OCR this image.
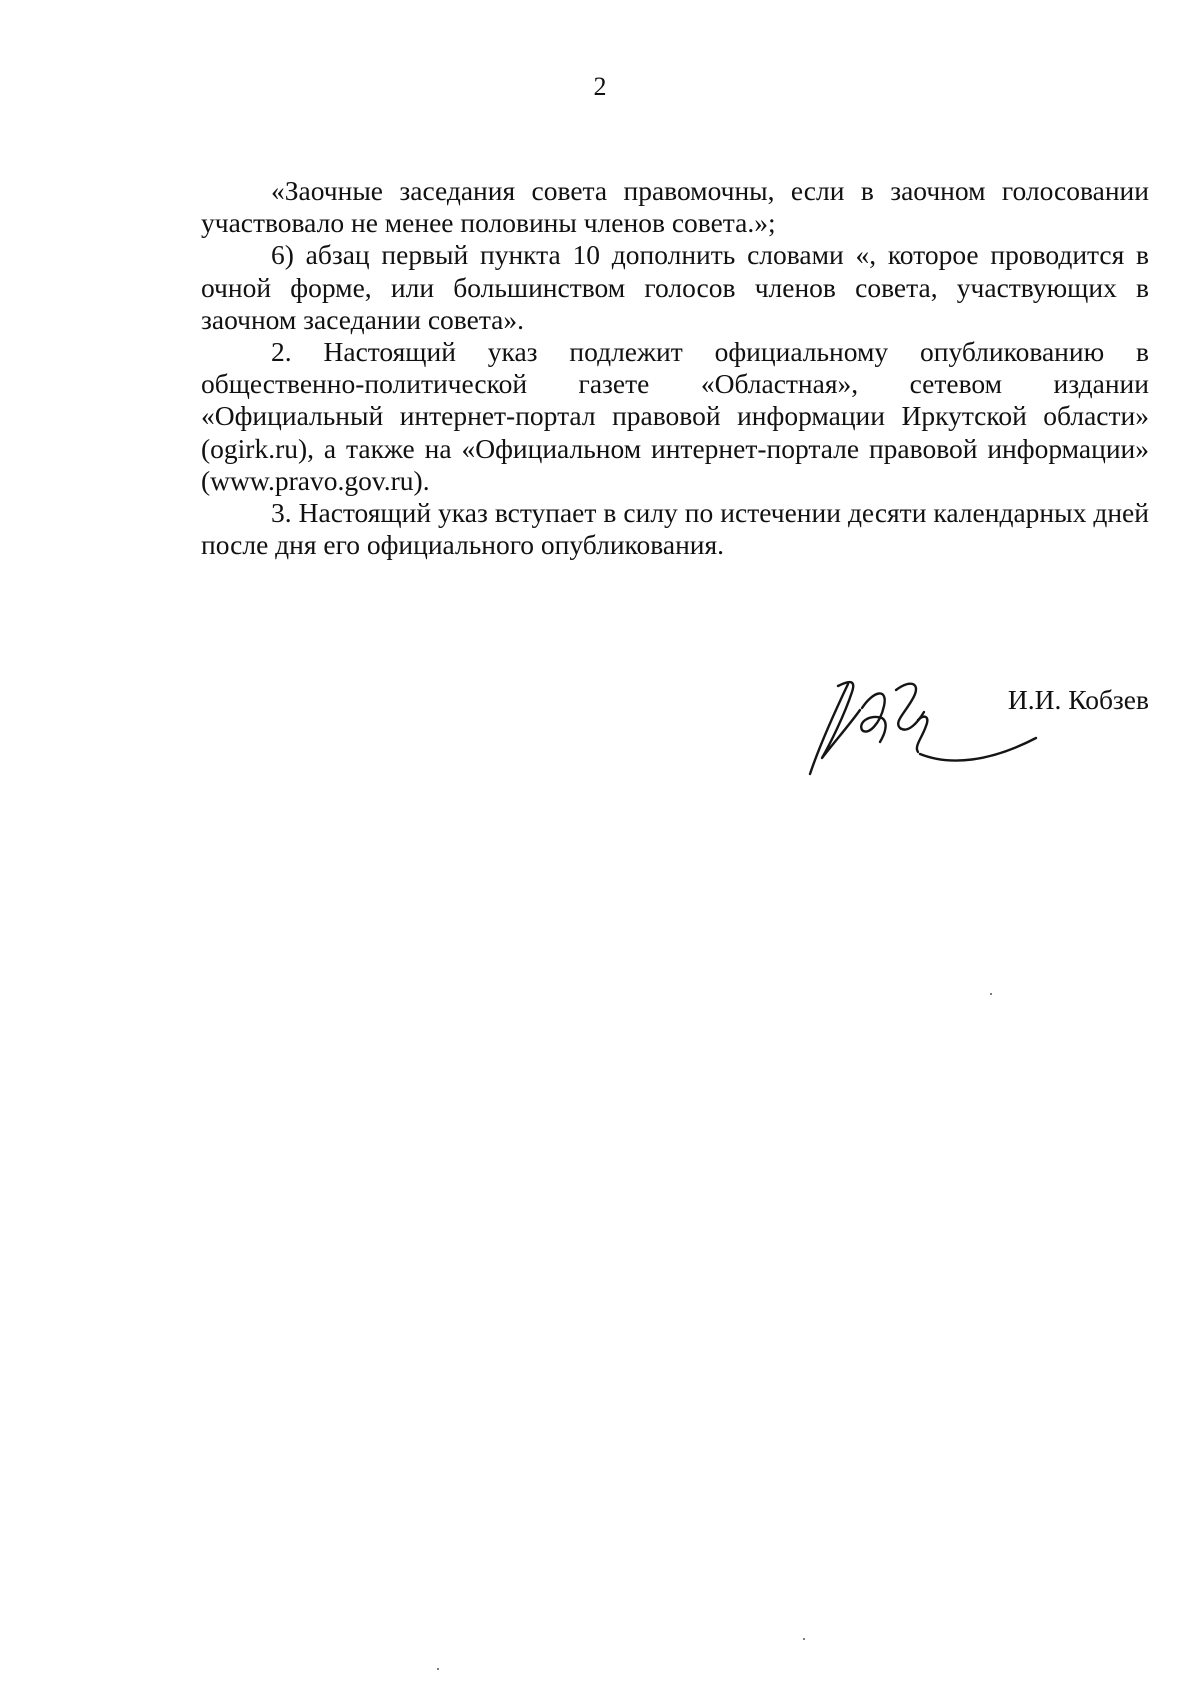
2

«Заочные заседания совета правомочны, если в заочном голосовании участвовало не менее половины членов совета.»;

6) абзац первый пункта 10 дополнить словами «, которое проводится в очной форме, или большинством голосов членов совета, участвующих в заочном заседании совета».

2. Настоящий указ подлежит официальному опубликованию в общественно-политической газете «Областная», сетевом издании «Официальный интернет-портал правовой информации Иркутской области» (ogirk.ru), а также на «Официальном интернет-портале правовой информации» (www.pravo.gov.ru).

3. Настоящий указ вступает в силу по истечении десяти календарных дней после дня его официального опубликования.

И.И. Кобзев
